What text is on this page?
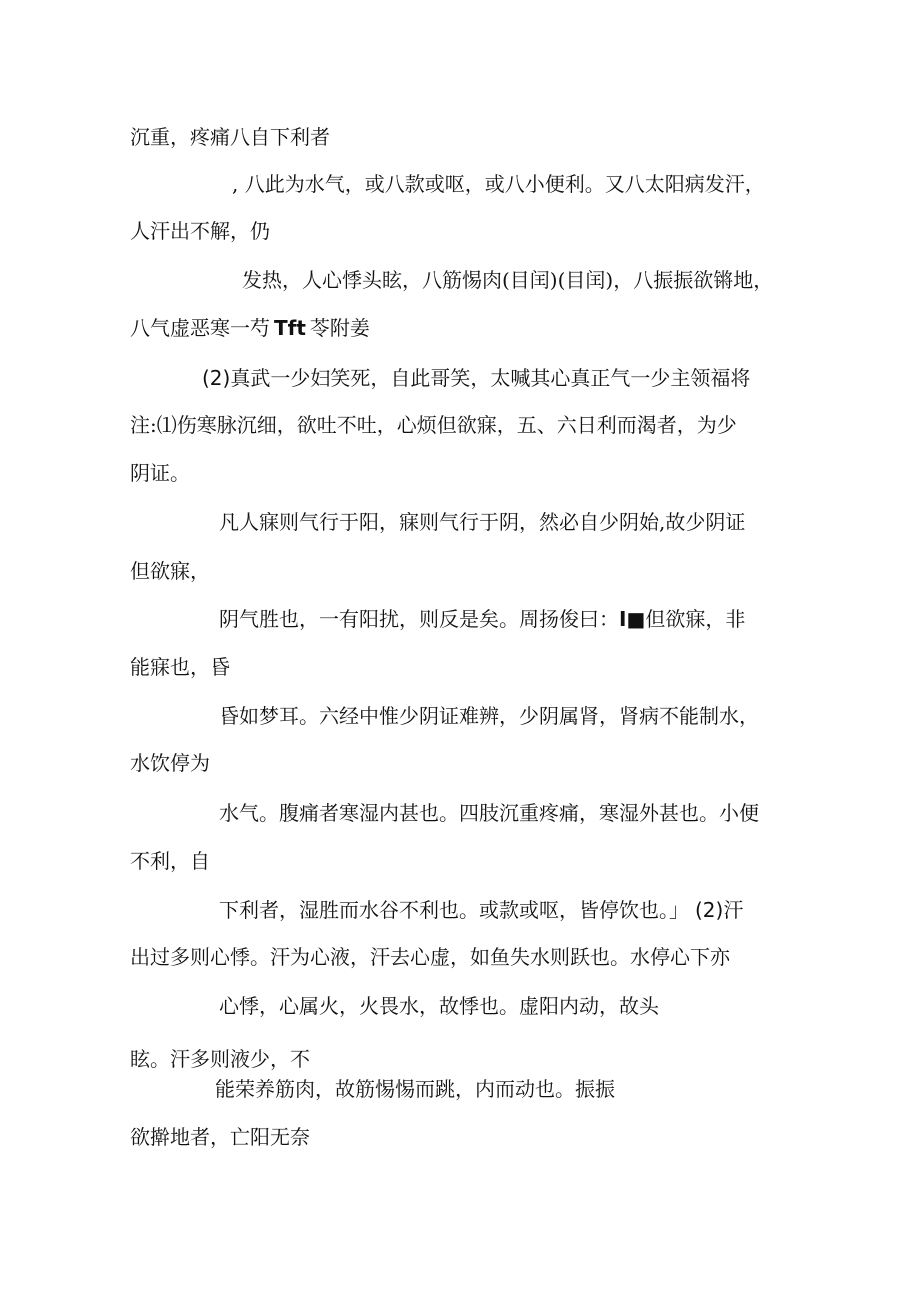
沉重，疼痛八自下利者

, 八此为水气，或八款或呕，或八小便利。又八太阳病发汗，

人汗出不解，仍

发热，人心悸头眩，八筋惕肉(目闰)(目闰)，八振振欲锵地，

八气虚恶寒一芍 Tft 苓附姜

(2)真武一少妇笑死，自此哥笑，太喊其心真正气一少主领福将

注:⑴伤寒脉沉细，欲吐不吐，心烦但欲寐，五、六日利而渴者，为少

阴证。

凡人寐则气行于阳，寐则气行于阴，然必自少阴始,故少阴证

但欲寐，

阴气胜也，一有阳扰，则反是矣。周扬俊曰：I■但欲寐，非

能寐也，昏

昏如梦耳。六经中惟少阴证难辨，少阴属肾，肾病不能制水，

水饮停为

水气。腹痛者寒湿内甚也。四肢沉重疼痛，寒湿外甚也。小便

不利，自

下利者，湿胜而水谷不利也。或款或呕，皆停饮也。」 (2)汗

出过多则心悸。汗为心液，汗去心虚，如鱼失水则跃也。水停心下亦

心悸，心属火，火畏水，故悸也。虚阳内动，故头

眩。汗多则液少，不

能荣养筋肉，故筋惕惕而跳，内而动也。振振

欲擀地者，亡阳无奈
